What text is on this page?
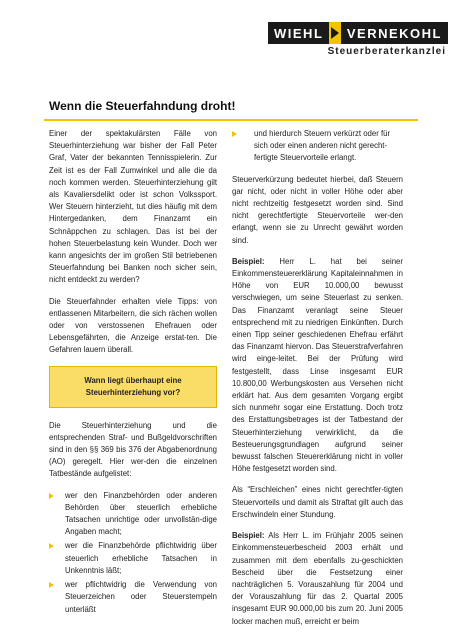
WIEHL	VERNEKOHL
Steuerberaterkanzlei
Wenn die Steuerfahndung droht!

Einer der spektakulärsten Fälle von Steuerhinterziehung war bisher der Fall Peter Graf, Vater der bekannten Tennisspielerin. Zur Zeit ist es der Fall Zumwinkel und alle die da noch kommen werden. Steuerhinterziehung gilt als Kavaliersdelikt oder ist schon Volkssport. Wer Steuern hinterzieht, tut dies häufig mit dem Hintergedanken, dem Finanzamt ein Schnäppchen zu schlagen. Das ist bei der hohen Steuerbelastung kein Wunder. Doch wer kann angesichts der im großen Stil betriebenen Steuerfahndung bei Banken noch sicher sein, nicht entdeckt zu werden?

Die Steuerfahnder erhalten viele Tipps: von entlassenen Mitarbeitern, die sich rächen wollen oder von verstossenen Ehefrauen oder Lebensgefährten, die Anzeige erstat-ten. Die Gefahren lauern überall.

Wann liegt überhaupt eine Steuerhinterziehung vor?

Die Steuerhinterziehung und die entsprechenden Straf- und Bußgeldvorschriften sind in den §§ 369 bis 376 der Abgabenordnung (AO) geregelt. Hier wer-den die einzelnen Tatbestände aufgelistet:

wer den Finanzbehörden oder anderen Behörden über steuerlich erhebliche Tatsachen unrichtige oder unvollstän-dige Angaben macht;
wer die Finanzbehörde pflichtwidrig über steuerlich erhebliche Tatsachen in Unkenntnis läßt;
wer pflichtwidrig die Verwendung von Steuerzeichen oder Steuerstempeln unterläßt
und hierdurch Steuern verkürzt oder für sich oder einen anderen nicht gerecht-fertigte Steuervorteile erlangt.

Steuerverkürzung bedeutet hierbei, daß Steuern gar nicht, oder nicht in voller Höhe oder aber nicht rechtzeitig festgesetzt worden sind. Sind nicht gerechtfertigte Steuervorteile wer-den erlangt, wenn sie zu Unrecht gewährt worden sind.

Beispiel: Herr L. hat bei seiner Einkommensteuererklärung Kapitaleinnahmen in Höhe von EUR 10.000,00 bewusst verschwiegen, um seine Steuerlast zu senken. Das Finanzamt veranlagt seine Steuer entsprechend mit zu niedrigen Einkünften. Durch einen Tipp seiner geschiedenen Ehefrau erfährt das Finanzamt hiervon. Das Steuerstrafverfahren wird einge-leitet. Bei der Prüfung wird festgestellt, dass Linse insgesamt EUR 10.800,00 Werbungskosten aus Versehen nicht erklärt hat. Aus dem gesamten Vorgang ergibt sich nunmehr sogar eine Erstattung. Doch trotz des Erstattungsbetrages ist der Tatbestand der Steuerhinterziehung verwirklicht, da die Besteuerungsgrundlagen aufgrund seiner bewusst falschen Steuererklärung nicht in voller Höhe festgesetzt worden sind.

Als “Erschleichen” eines nicht gerechtfer-tigten Steuervorteils und damit als Straftat gilt auch das Erschwindeln einer Stundung.

Beispiel: Als Herr L. im Frühjahr 2005 seinen Einkommensteuerbescheid 2003 erhält und zusammen mit dem ebenfalls zu-geschickten Bescheid über die Festsetzung einer nachträglichen 5. Vorauszahlung für 2004 und der Vorauszahlung für das 2. Quartal 2005 insgesamt EUR 90.000,00 bis zum 20. Juni 2005 locker machen muß, erreicht er beim
